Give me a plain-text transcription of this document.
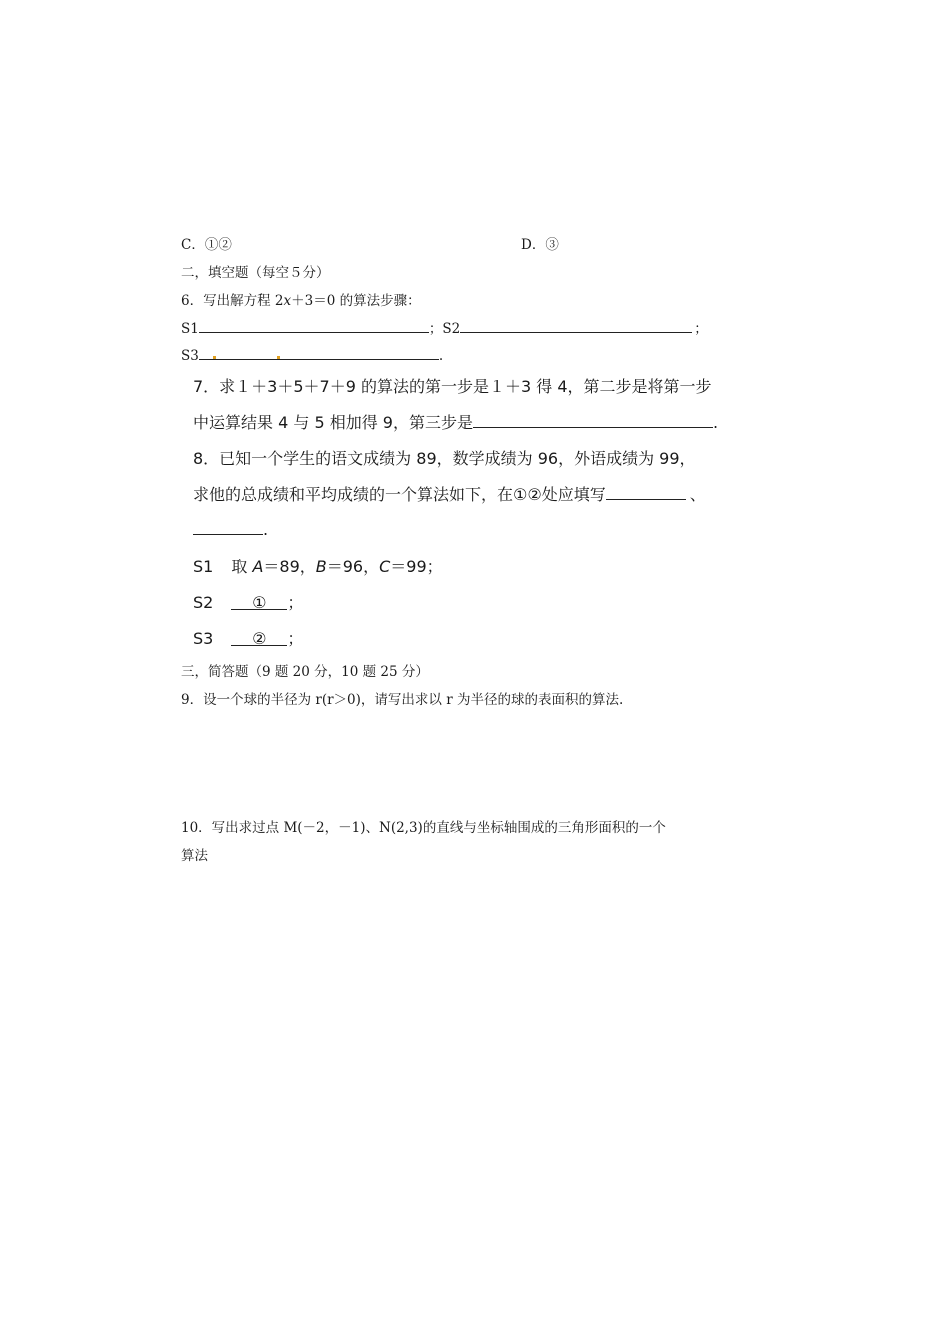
C．①②	D．③
二，填空题（每空５分）
6．写出解方程 2x＋3＝0 的算法步骤：
S1	；S2	；
S3	.
7．求１＋3＋5＋7＋9 的算法的第一步是１＋3 得 4，第二步是将第一步
中运算结果 4 与 5 相加得 9，第三步是	.
8．已知一个学生的语文成绩为 89，数学成绩为 96，外语成绩为 99，
求他的总成绩和平均成绩的一个算法如下，在①②处应填写	、
.
S1 取 A＝89，B＝96，C＝99；
S2 ① ；
S3 ② ；
三，简答题（9 题 20 分，10 题 25 分）
9．设一个球的半径为 r(r＞0)，请写出求以 r 为半径的球的表面积的算法.
10．写出求过点 M(－2，－1)、N(2,3)的直线与坐标轴围成的三角形面积的一个
算法
